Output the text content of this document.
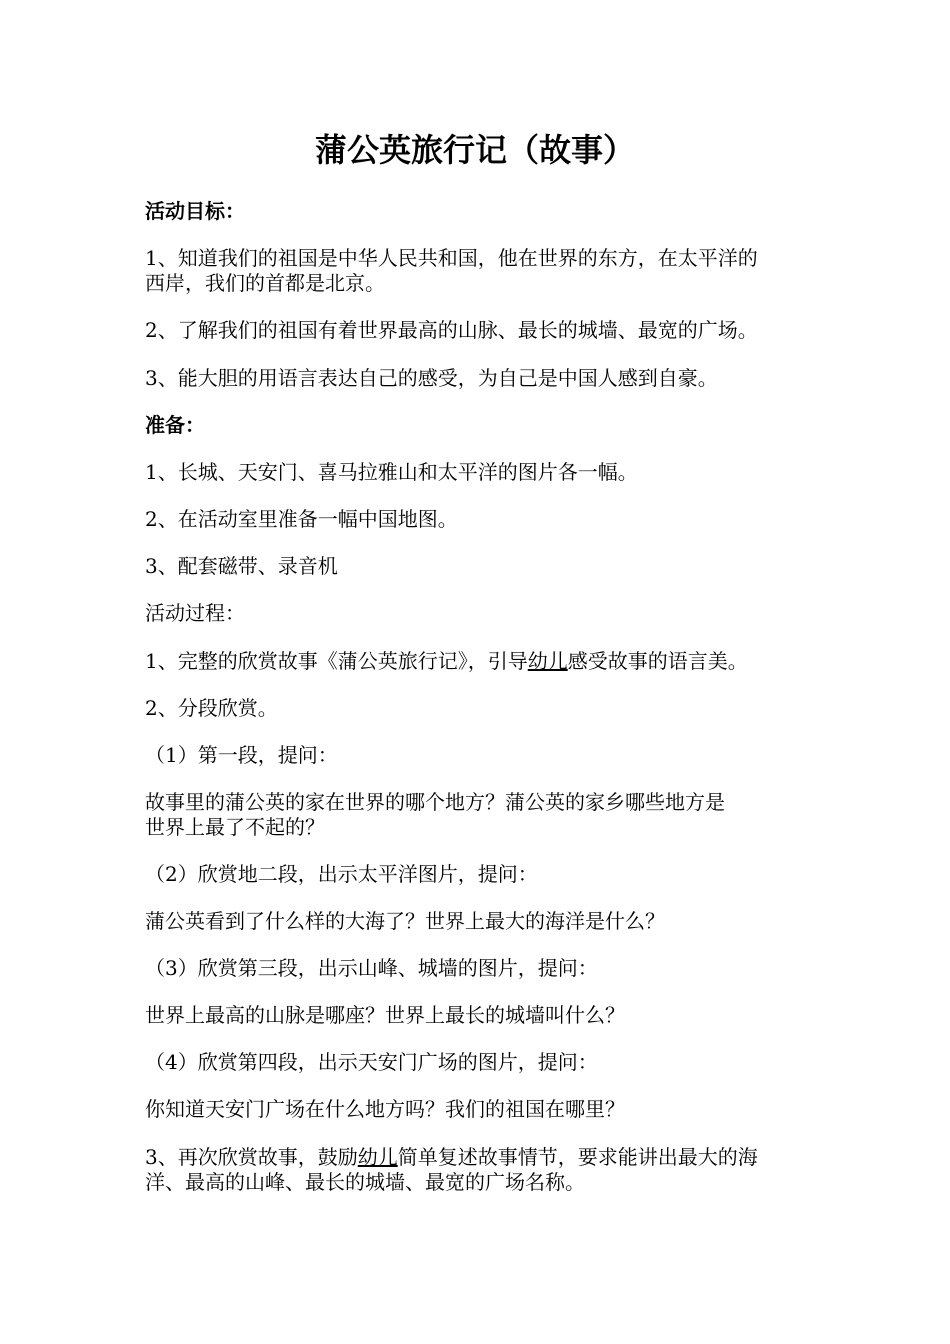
蒲公英旅行记（故事）
活动目标：
1、知道我们的祖国是中华人民共和国，他在世界的东方，在太平洋的
西岸，我们的首都是北京。
2、了解我们的祖国有着世界最高的山脉、最长的城墙、最宽的广场。
3、能大胆的用语言表达自己的感受，为自己是中国人感到自豪。
准备：
1、长城、天安门、喜马拉雅山和太平洋的图片各一幅。
2、在活动室里准备一幅中国地图。
3、配套磁带、录音机
活动过程：
1、完整的欣赏故事《蒲公英旅行记》，引导幼儿感受故事的语言美。
2、分段欣赏。
（1）第一段，提问：
故事里的蒲公英的家在世界的哪个地方？蒲公英的家乡哪些地方是
世界上最了不起的？
（2）欣赏地二段，出示太平洋图片，提问：
蒲公英看到了什么样的大海了？世界上最大的海洋是什么？
（3）欣赏第三段，出示山峰、城墙的图片，提问：
世界上最高的山脉是哪座？世界上最长的城墙叫什么？
（4）欣赏第四段，出示天安门广场的图片，提问：
你知道天安门广场在什么地方吗？我们的祖国在哪里？
3、再次欣赏故事，鼓励幼儿简单复述故事情节，要求能讲出最大的海
洋、最高的山峰、最长的城墙、最宽的广场名称。
